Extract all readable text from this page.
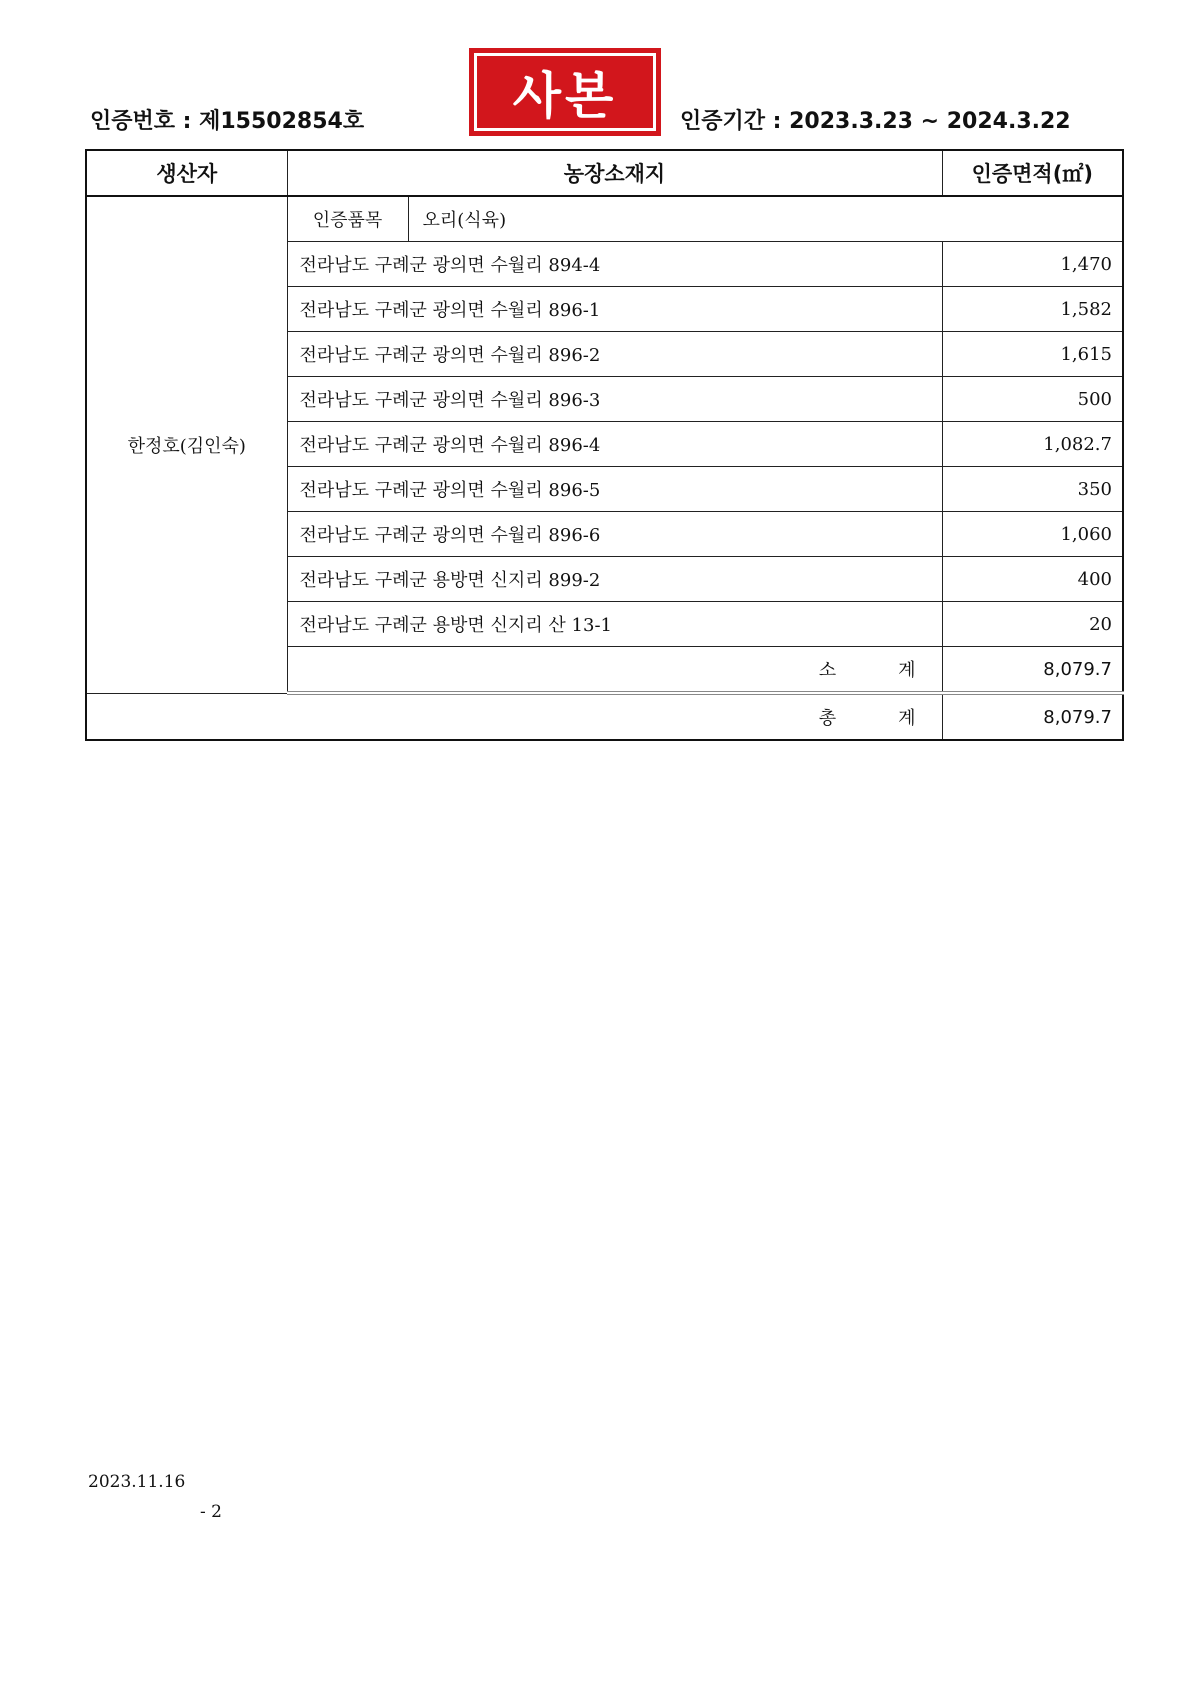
인증번호 : 제15502854호	사본	인증기간 : 2023.3.23 ~ 2024.3.22
생산자	농장소재지	인증면적(㎡)
한정호(김인숙)	
인증품목	오리(식육)

전라남도 구례군 광의면 수월리 894-4	1,470
전라남도 구례군 광의면 수월리 896-1	1,582
전라남도 구례군 광의면 수월리 896-2	1,615
전라남도 구례군 광의면 수월리 896-3	500
전라남도 구례군 광의면 수월리 896-4	1,082.7
전라남도 구례군 광의면 수월리 896-5	350
전라남도 구례군 광의면 수월리 896-6	1,060
전라남도 구례군 용방면 신지리 899-2	400
전라남도 구례군 용방면 신지리 산 13-1	20
소	계	8,079.7
총	계	8,079.7
2023.11.16
- 2
